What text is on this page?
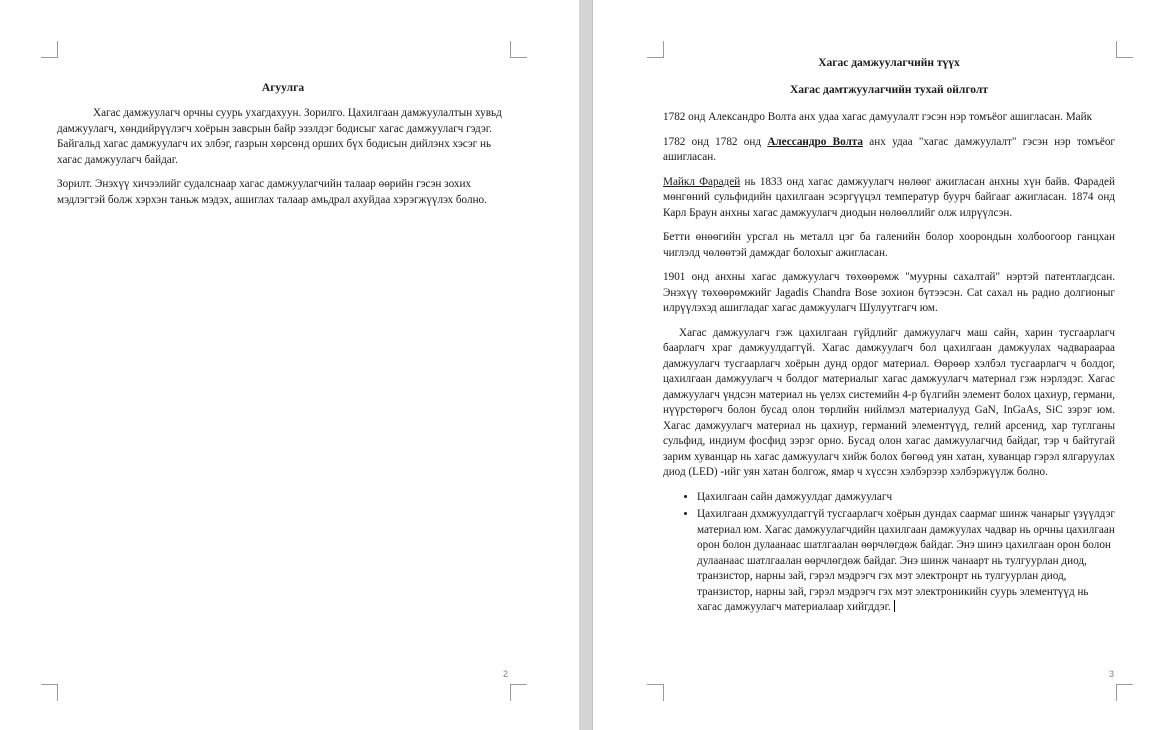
Агуулга

Хагас дамжуулагч орчны суурь ухагдахуун. Зорилго. Цахилгаан дамжуулалтын хувьд дамжуулагч, хөндийрүүлэгч хоёрын завсрын байр эзэлдэг бодисыг хагас дамжуулагч гэдэг. Байгальд хагас дамжуулагч их элбэг, газрын хөрсөнд орших бүх бодисын дийлэнх хэсэг нь хагас дамжуулагч байдаг.

Зорилт. Энэхүү хичээлийг судалснаар хагас дамжуулагчийн талаар өөрийн гэсэн зохих мэдлэгтэй болж хэрхэн таньж мэдэх, ашиглах талаар амьдрал ахуйдаа хэрэгжүүлэх болно.

2
Хагас дамжуулагчийн түүх
Хагас дамтжуулагчийн тухай ойлголт

1782 онд Александро Волта анх удаа хагас дамуулалт гэсэн нэр томъёог ашигласан. Майк

1782 онд 1782 онд Алессандро Волта анх удаа "хагас дамжуулалт" гэсэн нэр томъёог ашигласан.

Майкл Фарадей нь 1833 онд хагас дамжуулагч нөлөөг ажигласан анхны хүн байв. Фарадей мөнгөний сульфидийн цахилгаан эсэргүүцэл температур буурч байгааг ажигласан. 1874 онд Карл Браун анхны хагас дамжуулагч диодын нөлөөллийг олж илрүүлсэн.

Бетти өнөөгийн урсгал нь металл цэг ба галенийн болор хоорондын холбоогоор ганцхан чиглэлд чөлөөтэй дамждаг болохыг ажигласан.

1901 онд анхны хагас дамжуулагч төхөөрөмж "муурны сахалтай" нэртэй патентлагдсан. Энэхүү төхөөрөмжийг Jagadis Chandra Bose зохион бүтээсэн. Cat сахал нь радио долгионыг илрүүлэхэд ашигладаг хагас дамжуулагч Шулуутгагч юм.

Хагас дамжуулагч гэж цахилгаан гүйдлийг дамжуулагч маш сайн, харин тусгаарлагч баарлагч храг дамжуулдаггүй. Хагас дамжуулагч бол цахилгаан дамжуулах чадвараараа дамжуулагч тусгаарлагч хоёрын дунд ордог материал. Өөрөөр хэлбэл тусгаарлагч ч болдог, цахилгаан дамжуулагч ч болдог материалыг хагас дамжуулагч материал гэж нэрлэдэг. Хагас дамжуулагч үндсэн материал нь үелэх системийн 4-р бүлгийн элемент болох цахиур, германи, нүүрстөрөгч болон бусад олон төрлийн нийлмэл материалууд GaN, InGaAs, SiC зэрэг юм. Хагас дамжуулагч материал нь цахиур, германий элементүүд, гелий арсенид, хар туглганы сульфид, индиум фосфид зэрэг орно. Бусад олон хагас дамжуулагчид байдаг, тэр ч байтугай зарим хуванцар нь хагас дамжуулагч хийж болох бөгөөд уян хатан, хуванцар гэрэл ялгаруулах диод (LED) -ийг уян хатан болгож, ямар ч хүссэн хэлбэрээр хэлбэржүүлж болно.

• Цахилгаан сайн дамжуулдаг дамжуулагч
• Цахилгаан дхмжуулдаггүй тусгаарлагч хоёрын дундах саармаг шинж чанарыг үзүүлдэг материал юм. Хагас дамжуулагчдийн цахилгаан дамжуулах чадвар нь орчны цахилгаан орон болон дулаанаас шатлгаалан өөрчлөгдөж байдаг. Энэ шинэ цахилгаан орон болон дулаанаас шатлгаалан өөрчлөгдөж байдаг. Энэ шинж чанаарт нь тулгуурлан диод, транзистор, нарны зай, гэрэл мэдрэгч гэх мэт электронрт нь тулгуурлан диод, транзистор, нарны зай, гэрэл мэдрэгч гэх мэт электроникийн суурь элементүүд нь хагас дамжуулагч материалаар хийгддэг.
3
